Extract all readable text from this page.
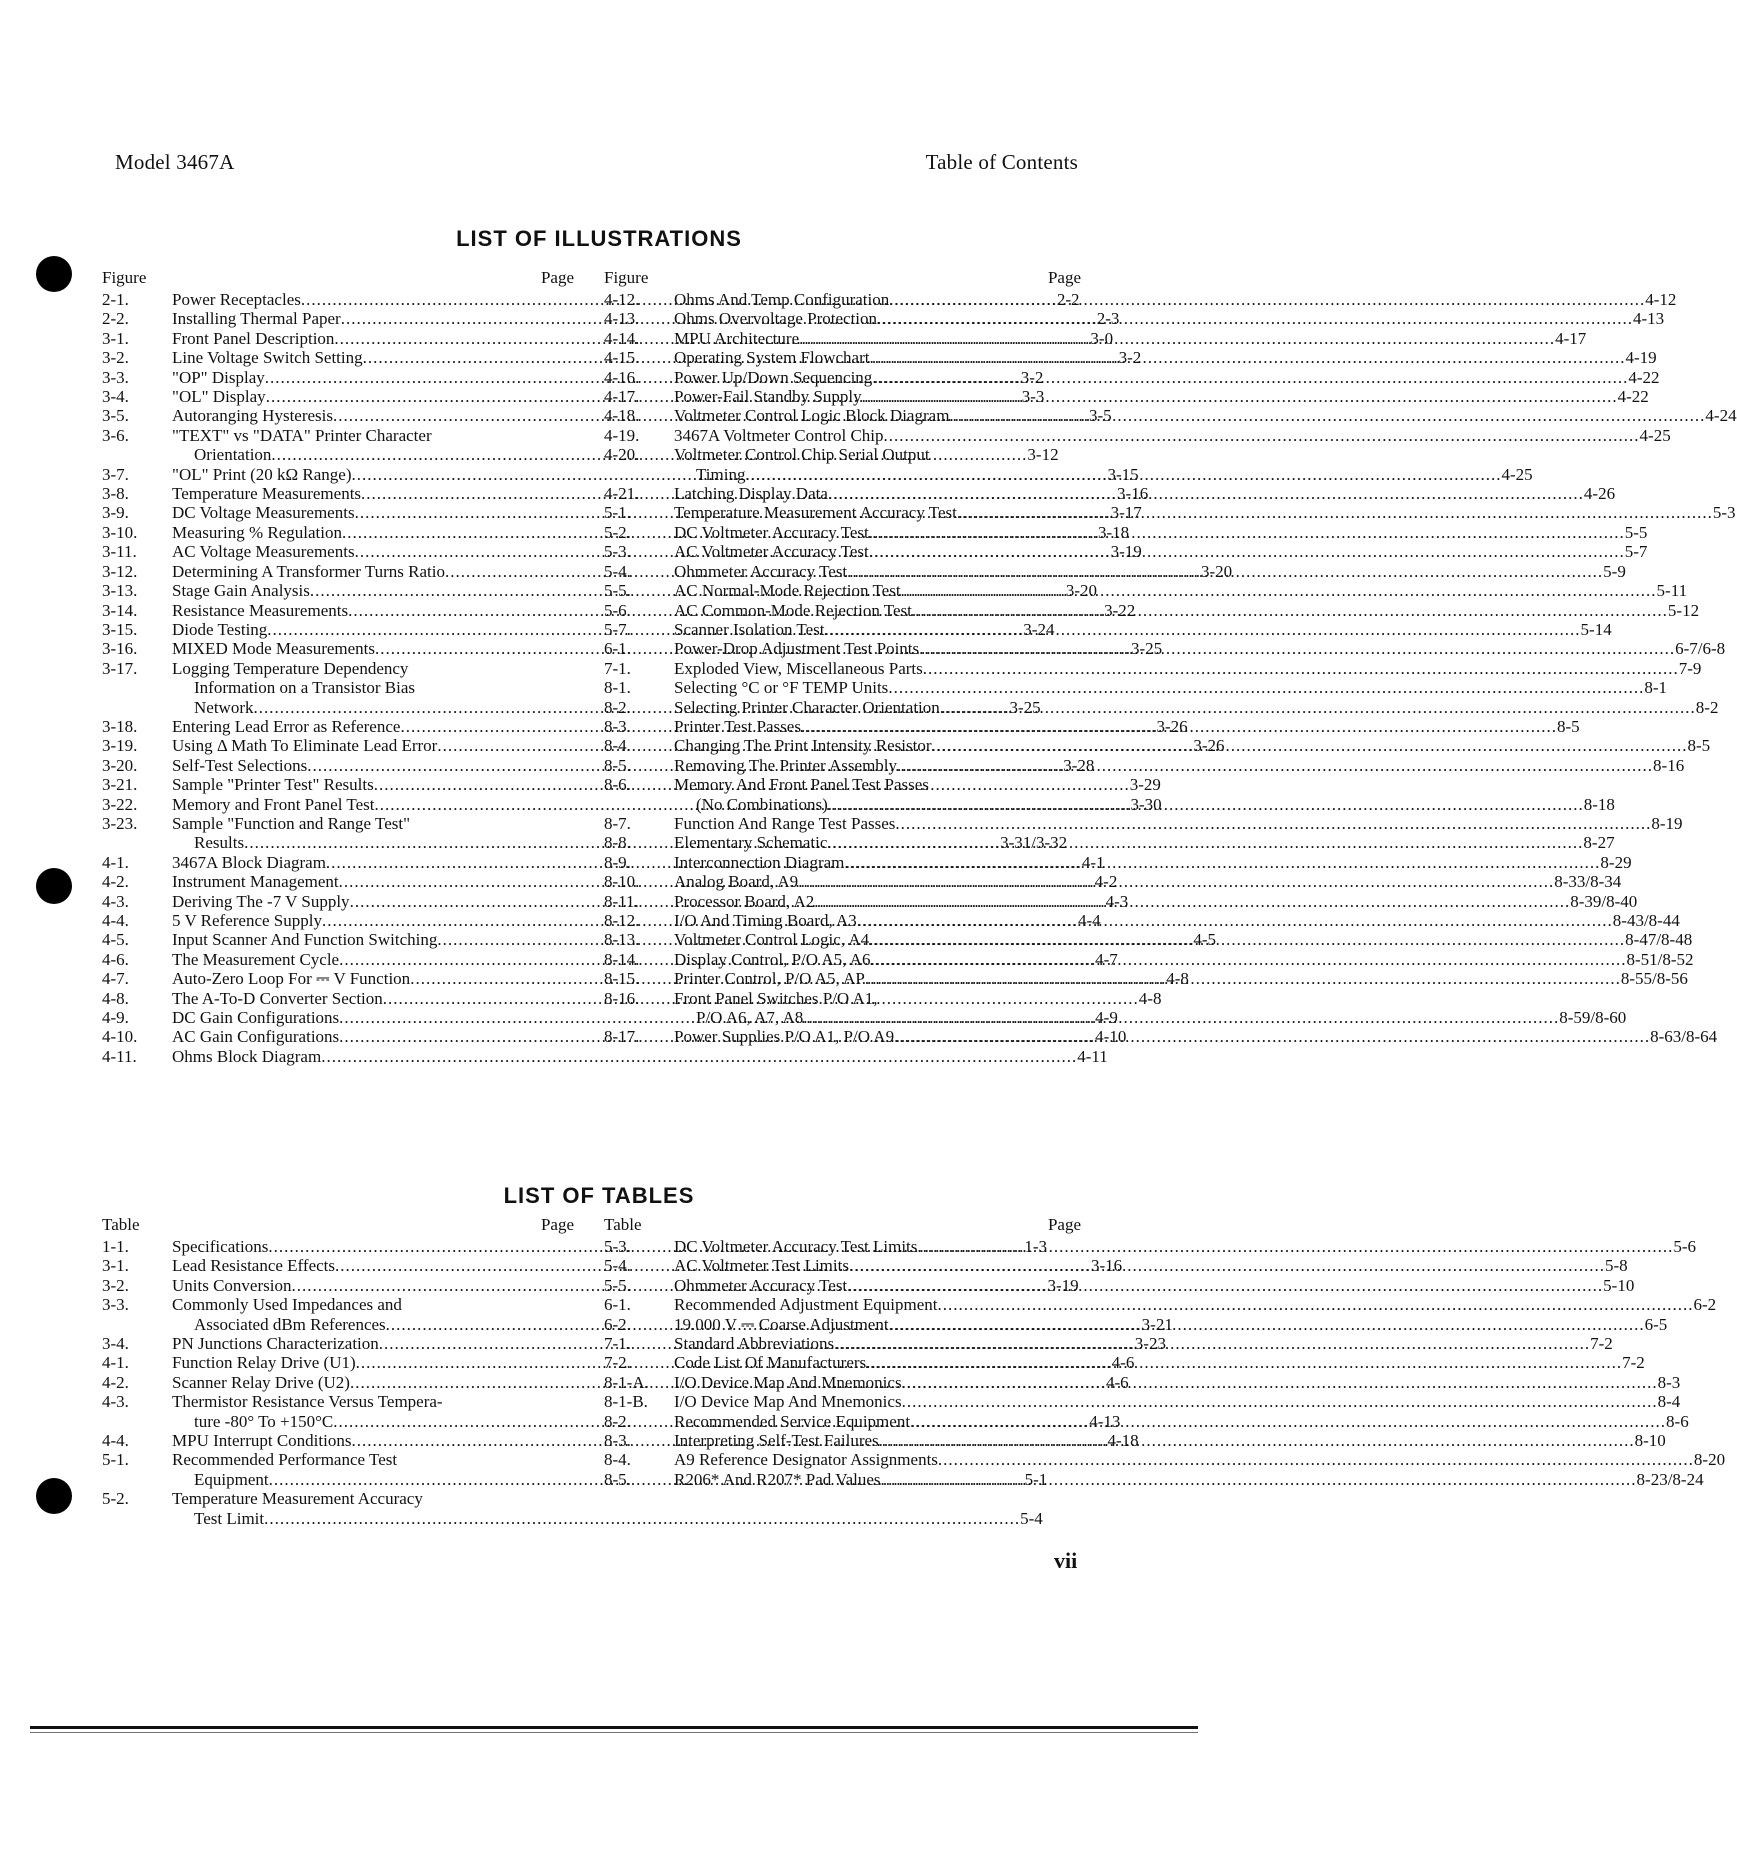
Model 3467A	Table of Contents
LIST OF ILLUSTRATIONS
Figure	Page
2-1.	Power Receptacles .....	2-2
2-2.	Installing Thermal Paper .....	2-3
3-1.	Front Panel Description .....	3-0
3-2.	Line Voltage Switch Setting .....	3-2
3-3.	"OP" Display .....	3-2
3-4.	"OL" Display .....	3-3
3-5.	Autoranging Hysteresis .....	3-5
3-6.	"TEXT" vs "DATA" Printer Character
Orientation .....	3-12
3-7.	"OL" Print (20 kΩ Range) .....	3-15
3-8.	Temperature Measurements .....	3-16
3-9.	DC Voltage Measurements .....	3-17
3-10.	Measuring % Regulation .....	3-18
3-11.	AC Voltage Measurements .....	3-19
3-12.	Determining A Transformer Turns Ratio .....	3-20
3-13.	Stage Gain Analysis .....	3-20
3-14.	Resistance Measurements .....	3-22
3-15.	Diode Testing .....	3-24
3-16.	MIXED Mode Measurements .....	3-25
3-17.	Logging Temperature Dependency
Information on a Transistor Bias
Network .....	3-25
3-18.	Entering Lead Error as Reference .....	3-26
3-19.	Using Δ Math To Eliminate Lead Error .....	3-26
3-20.	Self-Test Selections .....	3-28
3-21.	Sample "Printer Test" Results .....	3-29
3-22.	Memory and Front Panel Test .....	3-30
3-23.	Sample "Function and Range Test"
Results .....	3-31/3-32
4-1.	3467A Block Diagram .....	4-1
4-2.	Instrument Management .....	4-2
4-3.	Deriving The -7 V Supply .....	4-3
4-4.	5 V Reference Supply .....	4-4
4-5.	Input Scanner And Function Switching .....	4-5
4-6.	The Measurement Cycle .....	4-7
4-7.	Auto-Zero Loop For ⎓ V Function .....	4-8
4-8.	The A-To-D Converter Section .....	4-8
4-9.	DC Gain Configurations .....	4-9
4-10.	AC Gain Configurations .....	4-10
4-11.	Ohms Block Diagram .....	4-11
Figure	Page
4-12.	Ohms And Temp Configuration .....	4-12
4-13.	Ohms Overvoltage Protection .....	4-13
4-14.	MPU Architecture .....	4-17
4-15.	Operating System Flowchart .....	4-19
4-16.	Power Up/Down Sequencing .....	4-22
4-17.	Power-Fail Standby Supply .....	4-22
4-18.	Voltmeter Control Logic Block Diagram .....	4-24
4-19.	3467A Voltmeter Control Chip .....	4-25
4-20.	Voltmeter Control Chip Serial Output
Timing .....	4-25
4-21.	Latching Display Data .....	4-26
5-1.	Temperature Measurement Accuracy Test .....	5-3
5-2.	DC Voltmeter Accuracy Test .....	5-5
5-3.	AC Voltmeter Accuracy Test .....	5-7
5-4.	Ohmmeter Accuracy Test .....	5-9
5-5.	AC Normal-Mode Rejection Test .....	5-11
5-6.	AC Common-Mode Rejection Test .....	5-12
5-7.	Scanner Isolation Test .....	5-14
6-1.	Power-Drop Adjustment Test Points .....	6-7/6-8
7-1.	Exploded View, Miscellaneous Parts .....	7-9
8-1.	Selecting °C or °F TEMP Units .....	8-1
8-2.	Selecting Printer Character Orientation .....	8-2
8-3.	Printer Test Passes .....	8-5
8-4.	Changing The Print Intensity Resistor .....	8-5
8-5.	Removing The Printer Assembly .....	8-16
8-6.	Memory And Front Panel Test Passes
(No Combinations) .....	8-18
8-7.	Function And Range Test Passes .....	8-19
8-8.	Elementary Schematic .....	8-27
8-9.	Interconnection Diagram .....	8-29
8-10.	Analog Board, A9 .....	8-33/8-34
8-11.	Processor Board, A2 .....	8-39/8-40
8-12.	I/O And Timing Board, A3 .....	8-43/8-44
8-13.	Voltmeter Control Logic, A4 .....	8-47/8-48
8-14.	Display Control, P/O A5, A6 .....	8-51/8-52
8-15.	Printer Control, P/O A5, AP .....	8-55/8-56
8-16.	Front Panel Switches P/O A1,
P/O A6, A7, A8 .....	8-59/8-60
8-17.	Power Supplies P/O A1, P/O A9 .....	8-63/8-64
LIST OF TABLES
Table	Page
1-1.	Specifications .....	1-3
3-1.	Lead Resistance Effects .....	3-16
3-2.	Units Conversion .....	3-19
3-3.	Commonly Used Impedances and
Associated dBm References .....	3-21
3-4.	PN Junctions Characterization .....	3-23
4-1.	Function Relay Drive (U1) .....	4-6
4-2.	Scanner Relay Drive (U2) .....	4-6
4-3.	Thermistor Resistance Versus Tempera-
ture -80° To +150°C .....	4-13
4-4.	MPU Interrupt Conditions .....	4-18
5-1.	Recommended Performance Test
Equipment .....	5-1
5-2.	Temperature Measurement Accuracy
Test Limit .....	5-4
Table	Page
5-3.	DC Voltmeter Accuracy Test Limits .....	5-6
5-4.	AC Voltmeter Test Limits .....	5-8
5-5.	Ohmmeter Accuracy Test .....	5-10
6-1.	Recommended Adjustment Equipment .....	6-2
6-2.	19.000 V ⎓ Coarse Adjustment .....	6-5
7-1.	Standard Abbreviations .....	7-2
7-2.	Code List Of Manufacturers .....	7-2
8-1-A.	I/O Device Map And Mnemonics .....	8-3
8-1-B.	I/O Device Map And Mnemonics .....	8-4
8-2.	Recommended Service Equipment .....	8-6
8-3.	Interpreting Self-Test Failures .....	8-10
8-4.	A9 Reference Designator Assignments .....	8-20
8-5.	R206* And R207* Pad Values .....	8-23/8-24
vii
